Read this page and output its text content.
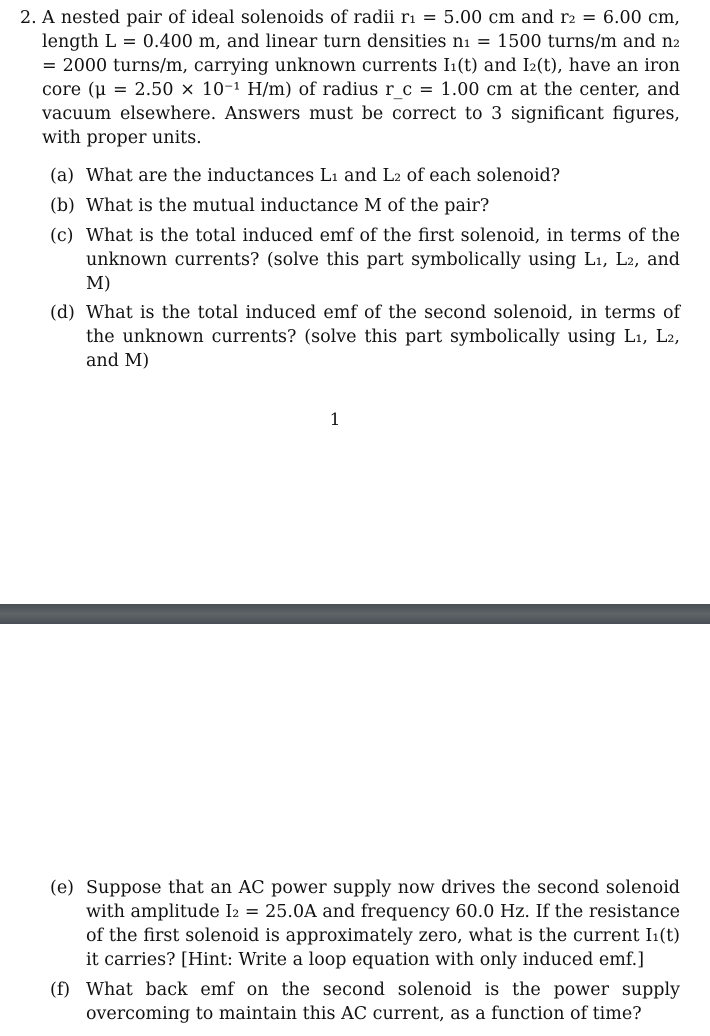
2. A nested pair of ideal solenoids of radii r₁ = 5.00 cm and r₂ = 6.00 cm, length L = 0.400 m, and linear turn densities n₁ = 1500 turns/m and n₂ = 2000 turns/m, carrying unknown currents I₁(t) and I₂(t), have an iron core (μ = 2.50 × 10⁻¹ H/m) of radius r_c = 1.00 cm at the center, and vacuum elsewhere. Answers must be correct to 3 significant figures, with proper units.
(a) What are the inductances L₁ and L₂ of each solenoid?
(b) What is the mutual inductance M of the pair?
(c) What is the total induced emf of the first solenoid, in terms of the unknown currents? (solve this part symbolically using L₁, L₂, and M)
(d) What is the total induced emf of the second solenoid, in terms of the unknown currents? (solve this part symbolically using L₁, L₂, and M)
1
(e) Suppose that an AC power supply now drives the second solenoid with amplitude I₂ = 25.0A and frequency 60.0 Hz. If the resistance of the first solenoid is approximately zero, what is the current I₁(t) it carries? [Hint: Write a loop equation with only induced emf.]
(f) What back emf on the second solenoid is the power supply overcoming to maintain this AC current, as a function of time?
